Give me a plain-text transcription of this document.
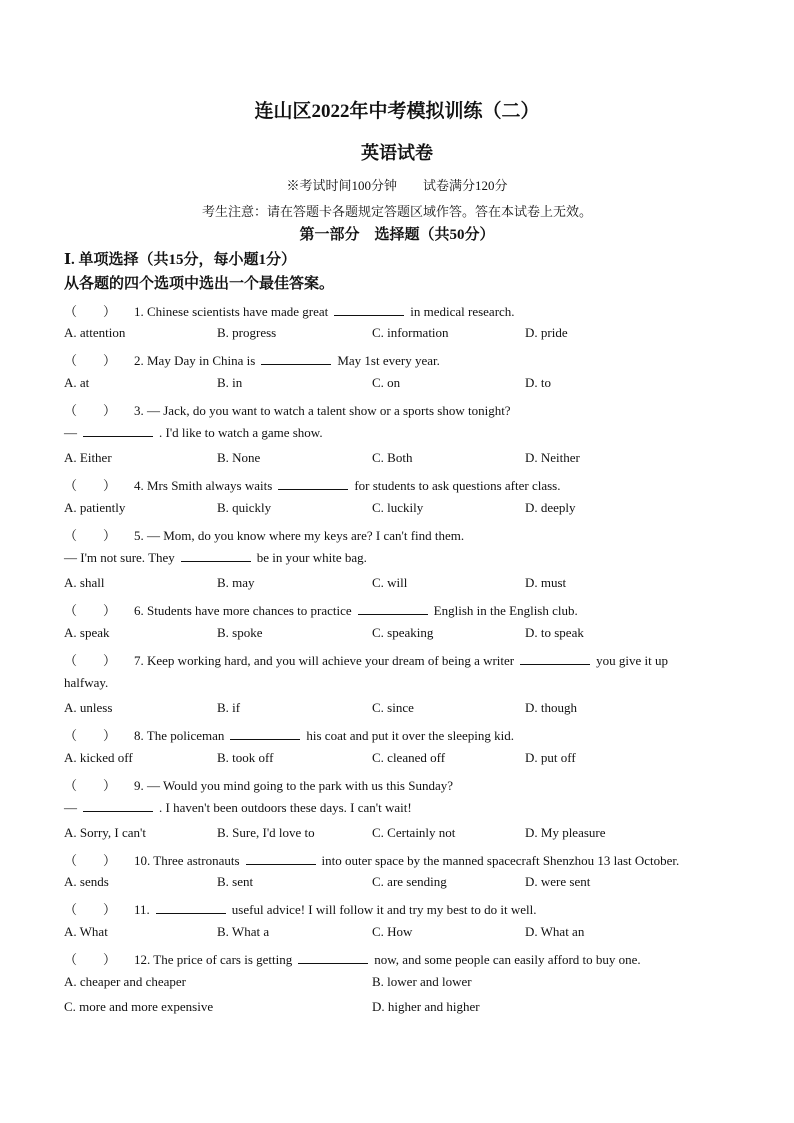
连山区2022年中考模拟训练（二）
英语试卷
※考试时间100分钟　　试卷满分120分
考生注意：请在答题卡各题规定答题区域作答。答在本试卷上无效。
第一部分　选择题（共50分）
Ⅰ. 单项选择（共15分，每小题1分）
从各题的四个选项中选出一个最佳答案。
（　　） 1. Chinese scientists have made great	in medical research.
A. attention	B. progress	C. information	D. pride
（　　） 2. May Day in China is	May 1st every year.
A. at	B. in	C. on	D. to
（　　） 3. — Jack, do you want to watch a talent show or a sports show tonight?
—	. I'd like to watch a game show.
A. Either	B. None	C. Both	D. Neither
（　　） 4. Mrs Smith always waits	for students to ask questions after class.
A. patiently	B. quickly	C. luckily	D. deeply
（　　） 5. — Mom, do you know where my keys are? I can't find them.
— I'm not sure. They	be in your white bag.
A. shall	B. may	C. will	D. must
（　　） 6. Students have more chances to practice	English in the English club.
A. speak	B. spoke	C. speaking	D. to speak
（　　） 7. Keep working hard, and you will achieve your dream of being a writer	you give it up
halfway.
A. unless	B. if	C. since	D. though
（　　） 8. The policeman	his coat and put it over the sleeping kid.
A. kicked off	B. took off	C. cleaned off	D. put off
（　　） 9. — Would you mind going to the park with us this Sunday?
—	. I haven't been outdoors these days. I can't wait!
A. Sorry, I can't	B. Sure, I'd love to	C. Certainly not	D. My pleasure
（　　） 10. Three astronauts	into outer space by the manned spacecraft Shenzhou 13 last October.
A. sends	B. sent	C. are sending	D. were sent
（　　） 11.	useful advice! I will follow it and try my best to do it well.
A. What	B. What a	C. How	D. What an
（　　） 12. The price of cars is getting	now, and some people can easily afford to buy one.
A. cheaper and cheaper	B. lower and lower
C. more and more expensive	D. higher and higher
